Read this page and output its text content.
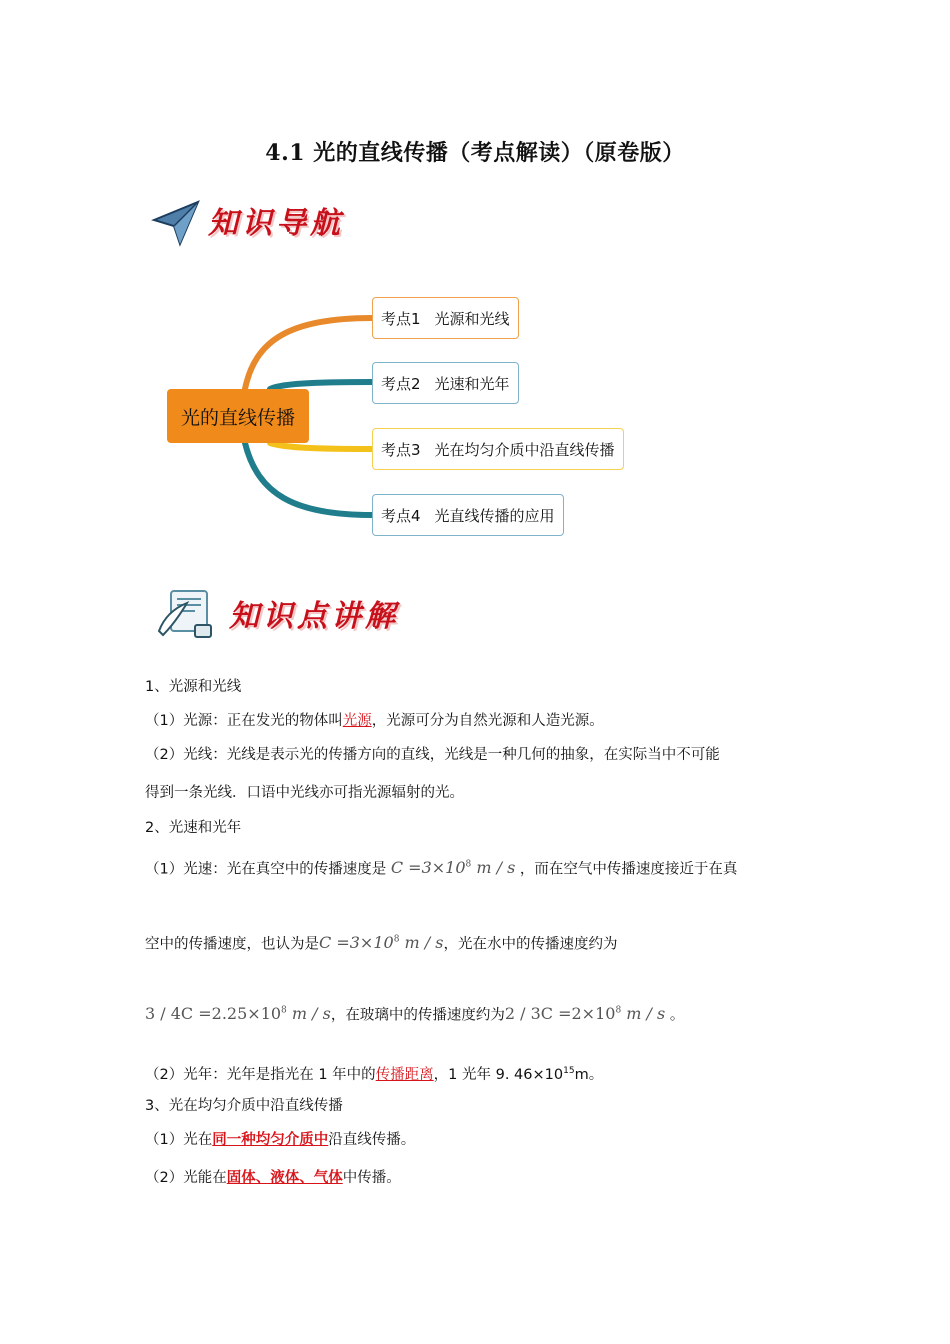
4.1 光的直线传播（考点解读）（原卷版）
知识导航
光的直线传播
考点1 光源和光线
考点2 光速和光年
考点3 光在均匀介质中沿直线传播
考点4 光直线传播的应用
知识点讲解
1、光源和光线
（1）光源：正在发光的物体叫光源，光源可分为自然光源和人造光源。
（2）光线：光线是表示光的传播方向的直线，光线是一种几何的抽象，在实际当中不可能
得到一条光线．口语中光线亦可指光源辐射的光。
2、光速和光年
（1）光速：光在真空中的传播速度是 $C =3\times 10^8$ m / s ，而在空气中传播速度接近于在真
空中的传播速度，也认为是$C =3\times 10^8$ m / s，光在水中的传播速度约为
$3 / 4C =2.25\times 10^8$ m / s，在玻璃中的传播速度约为$2 / 3C =2\times 10^8$ m / s 。
（2）光年：光年是指光在 1 年中的传播距离，1 光年 9. $46\times 10^{15}m$。
3、光在均匀介质中沿直线传播
（1）光在同一种均匀介质中沿直线传播。
（2）光能在固体、液体、气体中传播。
